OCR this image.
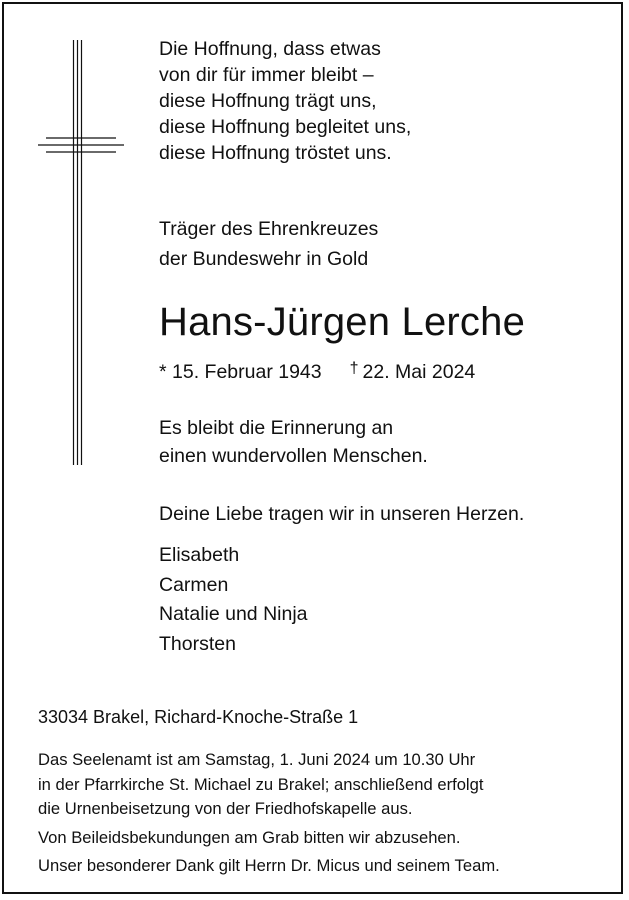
Die Hoffnung, dass etwas
von dir für immer bleibt –
diese Hoffnung trägt uns,
diese Hoffnung begleitet uns,
diese Hoffnung tröstet uns.
Träger des Ehrenkreuzes
der Bundeswehr in Gold
Hans-Jürgen Lerche
* 15. Februar 1943 † 22. Mai 2024
Es bleibt die Erinnerung an
einen wundervollen Menschen.
Deine Liebe tragen wir in unseren Herzen.
Elisabeth
Carmen
Natalie und Ninja
Thorsten
33034 Brakel, Richard-Knoche-Straße 1
Das Seelenamt ist am Samstag, 1. Juni 2024 um 10.30 Uhr
in der Pfarrkirche St. Michael zu Brakel; anschließend erfolgt
die Urnenbeisetzung von der Friedhofskapelle aus.
Von Beileidsbekundungen am Grab bitten wir abzusehen.
Unser besonderer Dank gilt Herrn Dr. Micus und seinem Team.
